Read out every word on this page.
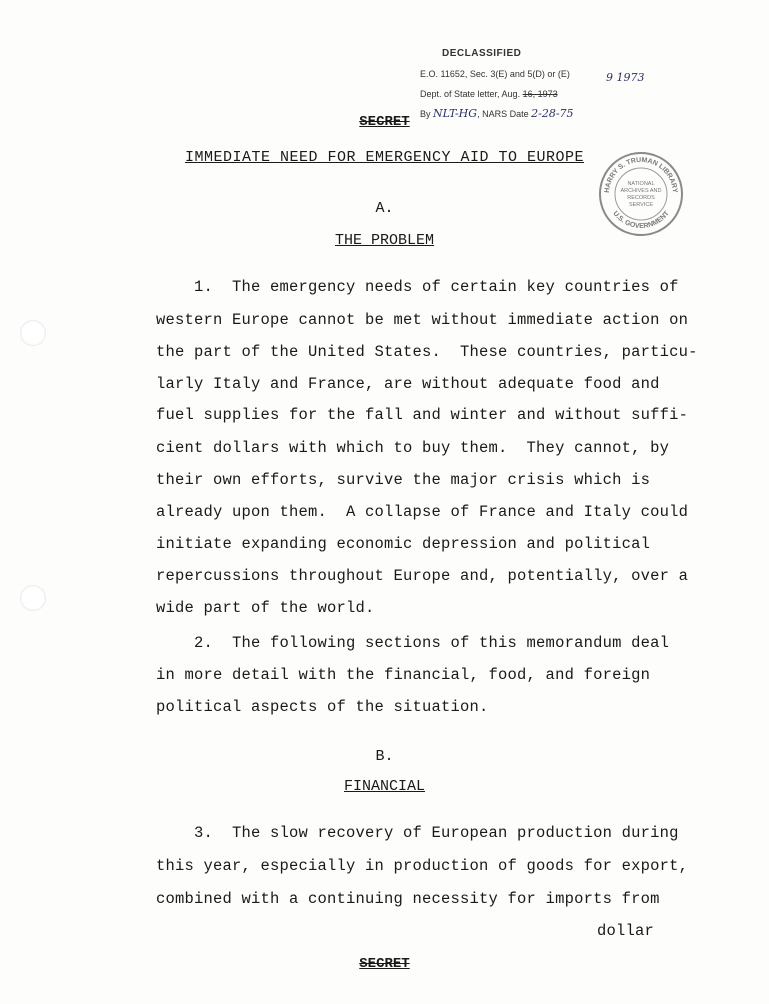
DECLASSIFIED
E.O. 11652, Sec. 3(E) and 5(D) or (E)
Dept. of State letter, Aug. 16, 1973
9 1973
By NLT-HG, NARS Date 2-28-75
HARRY S. TRUMAN LIBRARY
U.S. GOVERNMENT
NATIONAL
ARCHIVES AND
RECORDS
SERVICE
SECRET
IMMEDIATE NEED FOR EMERGENCY AID TO EUROPE
A.
THE PROBLEM
1.  The emergency needs of certain key countries of
western Europe cannot be met without immediate action on
the part of the United States.  These countries, particu-
larly Italy and France, are without adequate food and
fuel supplies for the fall and winter and without suffi-
cient dollars with which to buy them.  They cannot, by
their own efforts, survive the major crisis which is
already upon them.  A collapse of France and Italy could
initiate expanding economic depression and political
repercussions throughout Europe and, potentially, over a
wide part of the world.
2.  The following sections of this memorandum deal
in more detail with the financial, food, and foreign
political aspects of the situation.
B.
FINANCIAL
3.  The slow recovery of European production during
this year, especially in production of goods for export,
combined with a continuing necessity for imports from
dollar
SECRET
